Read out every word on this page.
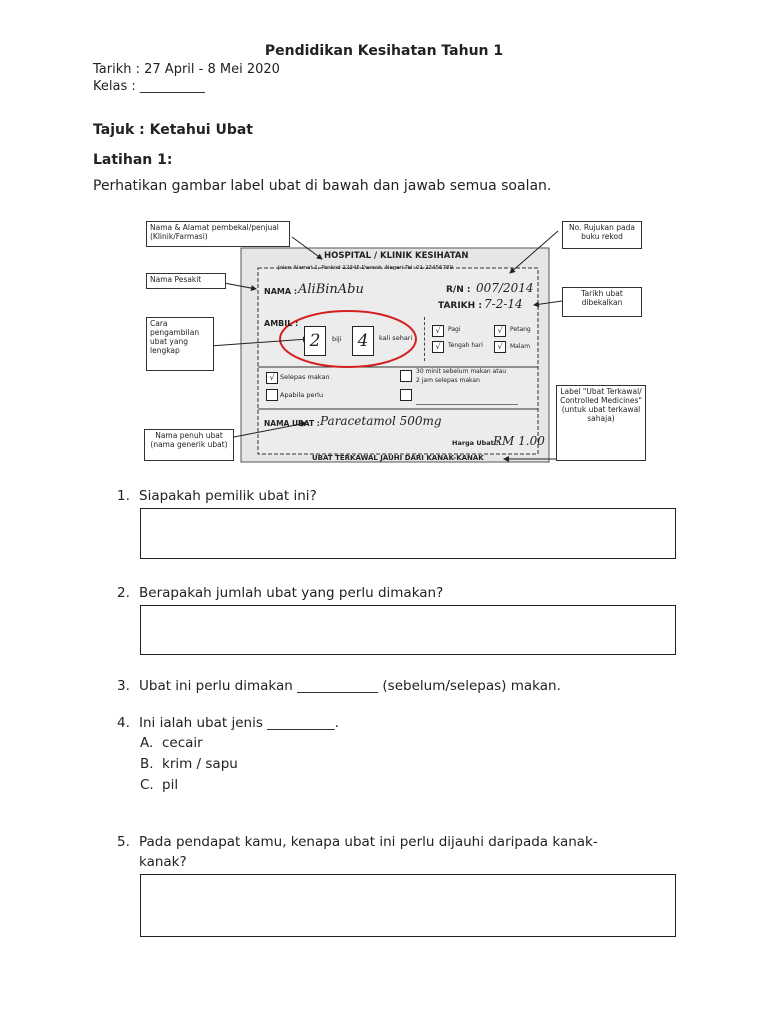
Pendidikan Kesihatan Tahun 1
Tarikh : 27 April - 8 Mei 2020
Kelas : __________
Tajuk : Ketahui Ubat
Latihan 1:
Perhatikan gambar label ubat di bawah dan jawab semua soalan.
Nama & Alamat pembekal/penjual (Klinik/Farmasi)
No. Rujukan pada buku rekod
Nama Pesakit
Tarikh ubat dibekalkan
Cara pengambilan ubat yang lengkap
Nama penuh ubat (nama generik ubat)
Label "Ubat Terkawal/ Controlled Medicines" (untuk ubat terkawal sahaja)
HOSPITAL / KLINIK KESIHATAN
Jalan Alamat 1, Poskod 12345 Daerah, Negeri Tel: 01-23456789
NAMA : AliBinAbu	R/N : 007/2014
TARIKH : 7-2-14
AMBIL :
2	biji 4	kali sehari
√	Pagi
√	Tengah hari
√	Petang
√	Malam
√ Selepas makan
Apabila perlu
30 minit sebelum makan atau
2 jam selepas makan
NAMA UBAT : Paracetamol 500mg
Harga Ubat :
RM 1.00
UBAT TERKAWAL JAUHI DARI KANAK-KANAK
1. Siapakah pemilik ubat ini?
2. Berapakah jumlah ubat yang perlu dimakan?
3. Ubat ini perlu dimakan ____________ (sebelum/selepas) makan.
4. Ini ialah ubat jenis __________.
A. cecair
B. krim / sapu
C. pil
5. Pada pendapat kamu, kenapa ubat ini perlu dijauhi daripada kanak-
kanak?
